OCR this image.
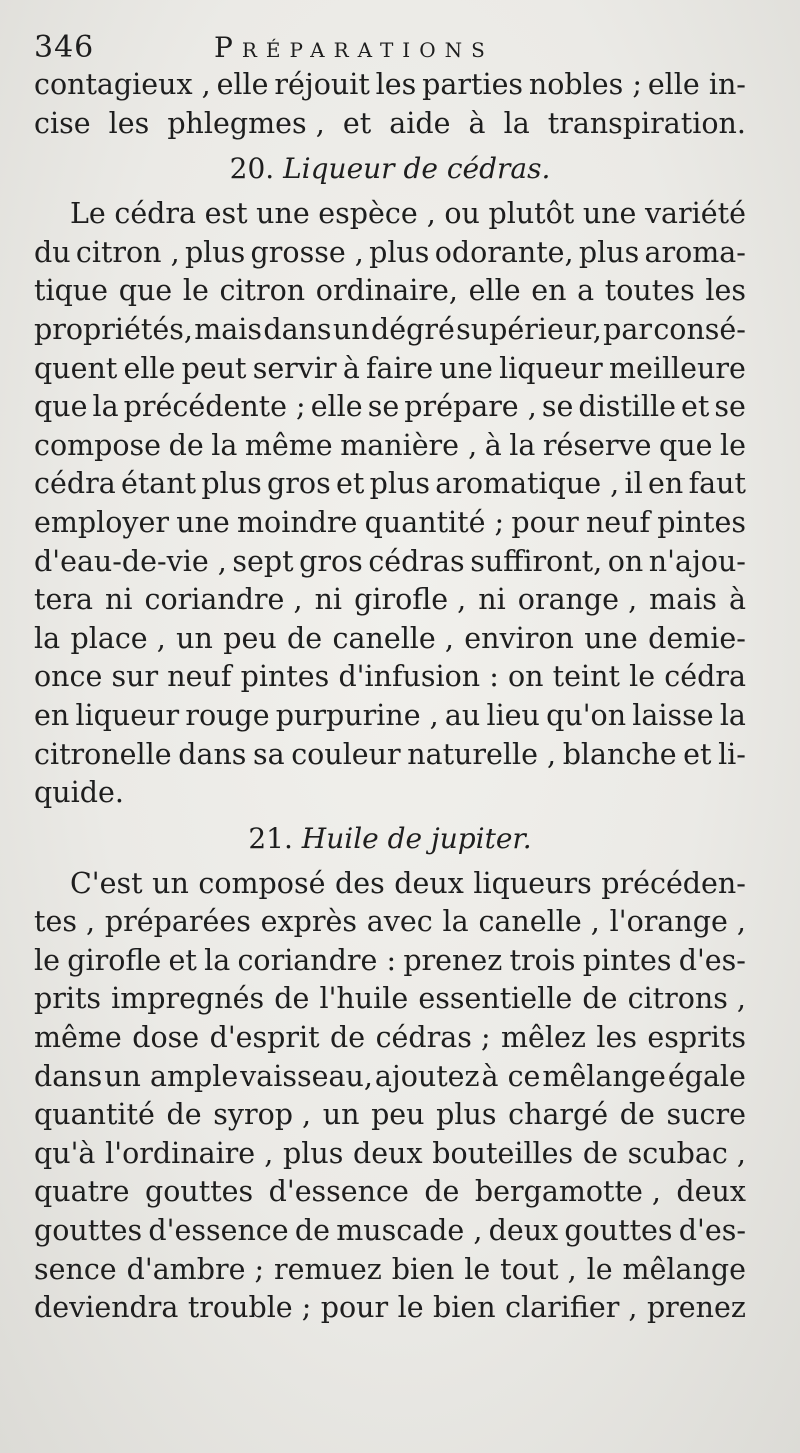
346	Préparations
contagieux , elle réjouit les parties nobles ; elle in-
cise les phlegmes , et aide à la transpiration.
20. Liqueur de cédras.
Le cédra est une espèce , ou plutôt une variété
du citron , plus grosse , plus odorante, plus aroma-
tique que le citron ordinaire, elle en a toutes les
propriétés, mais dans un dégré supérieur, par consé-
quent elle peut servir à faire une liqueur meilleure
que la précédente ; elle se prépare , se distille et se
compose de la même manière , à la réserve que le
cédra étant plus gros et plus aromatique , il en faut
employer une moindre quantité ; pour neuf pintes
d'eau-de-vie , sept gros cédras suffiront, on n'ajou-
tera ni coriandre , ni girofle , ni orange , mais à
la place , un peu de canelle , environ une demie-
once sur neuf pintes d'infusion : on teint le cédra
en liqueur rouge purpurine , au lieu qu'on laisse la
citronelle dans sa couleur naturelle , blanche et li-
quide.
21. Huile de jupiter.
C'est un composé des deux liqueurs précéden-
tes , préparées exprès avec la canelle , l'orange ,
le girofle et la coriandre : prenez trois pintes d'es-
prits impregnés de l'huile essentielle de citrons ,
même dose d'esprit de cédras ; mêlez les esprits
dans un ample vaisseau, ajoutez à ce mêlange égale
quantité de syrop , un peu plus chargé de sucre
qu'à l'ordinaire , plus deux bouteilles de scubac ,
quatre gouttes d'essence de bergamotte , deux
gouttes d'essence de muscade , deux gouttes d'es-
sence d'ambre ; remuez bien le tout , le mêlange
deviendra trouble ; pour le bien clarifier , prenez
